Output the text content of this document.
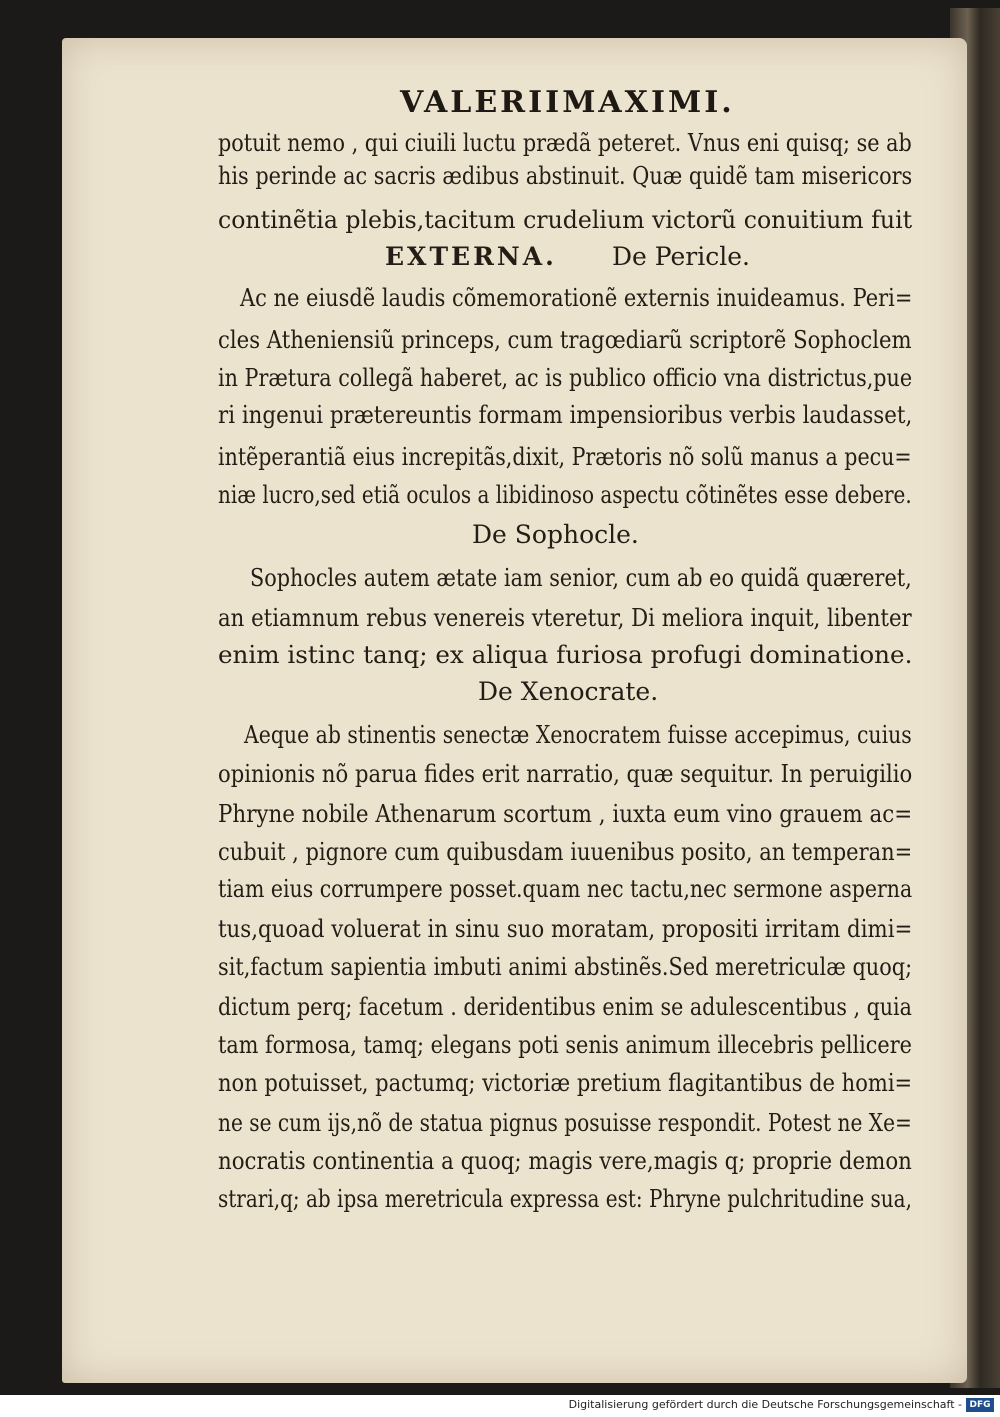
VALERII MAXIMI.
potuit nemo , qui ciuili luctu prædã peteret. Vnus eni quisq; se ab
his perinde ac sacris ædibus abstinuit. Quæ quidẽ tam misericors
continẽtia plebis,tacitum crudelium victorũ conuitium fuit
EXTERNA. De Pericle.
Ac ne eiusdẽ laudis cõmemorationẽ externis inuideamus. Peri=
cles Atheniensiũ princeps, cum tragœdiarũ scriptorẽ Sophoclem
in Prætura collegã haberet, ac is publico officio vna districtus,pue
ri ingenui prætereuntis formam impensioribus verbis laudasset,
intẽperantiã eius increpitãs,dixit, Prætoris nõ solũ manus a pecu=
niæ lucro,sed etiã oculos a libidinoso aspectu cõtinẽtes esse debere.
De Sophocle.
Sophocles autem ætate iam senior, cum ab eo quidã quæreret,
an etiamnum rebus venereis vteretur, Di meliora inquit, libenter
enim istinc tanq; ex aliqua furiosa profugi dominatione.
De Xenocrate.
Aeque ab stinentis senectæ Xenocratem fuisse accepimus, cuius
opinionis nõ parua fides erit narratio, quæ sequitur. In peruigilio
Phryne nobile Athenarum scortum , iuxta eum vino grauem ac=
cubuit , pignore cum quibusdam iuuenibus posito, an temperan=
tiam eius corrumpere posset.quam nec tactu,nec sermone asperna
tus,quoad voluerat in sinu suo moratam, propositi irritam dimi=
sit,factum sapientia imbuti animi abstinẽs.Sed meretriculæ quoq;
dictum perq; facetum . deridentibus enim se adulescentibus , quia
tam formosa, tamq; elegans poti senis animum illecebris pellicere
non potuisset, pactumq; victoriæ pretium flagitantibus de homi=
ne se cum ijs,nõ de statua pignus posuisse respondit. Potest ne Xe=
nocratis continentia a quoq; magis vere,magis q; proprie demon
strari,q; ab ipsa meretricula expressa est: Phryne pulchritudine sua,
Digitalisierung gefördert durch die Deutsche Forschungsgemeinschaft - DFG
